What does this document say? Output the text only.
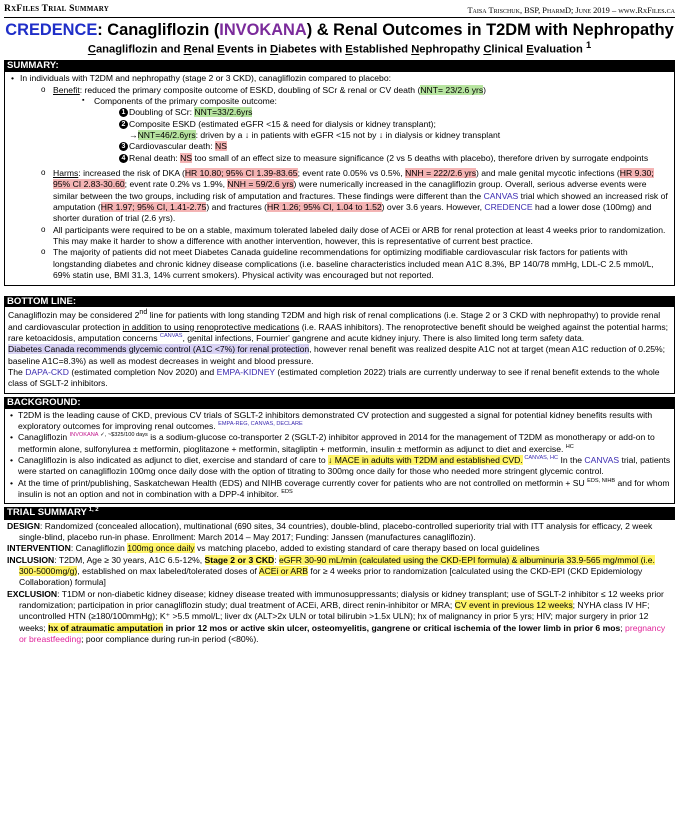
RxFiles Trial Summary	Taisa Trischuk, BSP, PharmD; June 2019 – www.RxFiles.ca
CREDENCE: Canagliflozin (INVOKANA) & Renal Outcomes in T2DM with Nephropathy
Canagliflozin and Renal Events in Diabetes with Established Nephropathy Clinical Evaluation $^1$
SUMMARY:
• In individuals with T2DM and nephropathy (stage 2 or 3 CKD), canagliflozin compared to placebo:
o Benefit: reduced the primary composite outcome of ESKD, doubling of SCr & renal or CV death (NNT= 23/2.6 yrs)
▪ Components of the primary composite outcome:
1 Doubling of SCr: NNT=33/2.6yrs
2 Composite ESKD (estimated eGFR <15 & need for dialysis or kidney transplant);
→NNT=46/2.6yrs: driven by a ↓ in patients with eGFR <15 not by ↓ in dialysis or kidney transplant
3 Cardiovascular death: NS
4 Renal death: NS too small of an effect size to measure significance (2 vs 5 deaths with placebo), therefore driven by surrogate endpoints
o Harms: increased the risk of DKA (HR 10.80; 95% CI 1.39-83.65; event rate 0.05% vs 0.5%, NNH = 222/2.6 yrs) and male genital mycotic infections (HR 9.30; 95% CI 2.83-30.60; event rate 0.2% vs 1.9%, NNH = 59/2.6 yrs) were numerically increased in the canagliflozin group. Overall, serious adverse events were similar between the two groups, including risk of amputation and fractures. These findings were different than the CANVAS trial which showed an increased risk of amputation (HR 1.97; 95% CI, 1.41-2.75) and fractures (HR 1.26; 95% CI, 1.04 to 1.52) over 3.6 years. However, CREDENCE had a lower dose (100mg) and shorter duration of trial (2.6 yrs).
o All participants were required to be on a stable, maximum tolerated labeled daily dose of ACEi or ARB for renal protection at least 4 weeks prior to randomization. This may make it harder to show a difference with another intervention, however, this is representative of current best practice.
o The majority of patients did not meet Diabetes Canada guideline recommendations for optimizing modifiable cardiovascular risk factors for patients with longstanding diabetes and chronic kidney disease complications (i.e. baseline characteristics included mean A1C 8.3%, BP 140/78 mmHg, LDL-C 2.5 mmol/L, 69% statin use, BMI 31.3, 14% current smokers). Physical activity was encouraged but not reported.
BOTTOM LINE:
Canagliflozin may be considered 2nd line for patients with long standing T2DM and high risk of renal complications (i.e. Stage 2 or 3 CKD with nephropathy) to provide renal and cardiovascular protection in addition to using renoprotective medications (i.e. RAAS inhibitors). The renoprotective benefit should be weighed against the potential harms; rare ketoacidosis, amputation concerns $^{CANVAS}$, genital infections, Fournier' gangrene and acute kidney injury. There is also limited long term safety data.
Diabetes Canada recommends glycemic control (A1C <7%) for renal protection, however renal benefit was realized despite A1C not at target (mean A1C reduction of 0.25%; baseline A1C=8.3%) as well as modest decreases in weight and blood pressure.
The DAPA-CKD (estimated completion Nov 2020) and EMPA-KIDNEY (estimated completion 2022) trials are currently underway to see if renal benefit extends to the whole class of SGLT-2 inhibitors.
BACKGROUND:
• T2DM is the leading cause of CKD, previous CV trials of SGLT-2 inhibitors demonstrated CV protection and suggested a signal for potential kidney benefits results with exploratory outcomes for improving renal outcomes. $^{EMPA-REG, CANVAS, DECLARE}$
• Canagliflozin $^{INVOKANA}$ $^{✓, \sim\$325/100 days}$ is a sodium-glucose co-transporter 2 (SGLT-2) inhibitor approved in 2014 for the management of T2DM as monotherapy or add-on to metformin alone, sulfonylurea ± metformin, pioglitazone + metformin, sitagliptin + metformin, insulin ± metformin as adjunct to diet and exercise. $^{HC}$
• Canagliflozin is also indicated as adjunct to diet, exercise and standard of care to ↓ MACE in adults with T2DM and established CVD. $^{CANVAS, HC}$ In the CANVAS trial, patients were started on canagliflozin 100mg once daily dose with the option of titrating to 300mg once daily for those who needed more stringent glycemic control.
• At the time of print/publishing, Saskatchewan Health (EDS) and NIHB coverage currently cover for patients who are not controlled on metformin + SU $^{EDS, NIHB}$ and for whom insulin is not an option and not in combination with a DPP-4 inhibitor. $^{EDS}$
TRIAL SUMMARY $^{1, 2}$

DESIGN: Randomized (concealed allocation), multinational (690 sites, 34 countries), double-blind, placebo-controlled superiority trial with ITT analysis for efficacy, 2 week single-blind, placebo run-in phase. Enrollment: March 2014 – May 2017; Funding: Janssen (manufactures canagliflozin).

INTERVENTION: Canagliflozin 100mg once daily vs matching placebo, added to existing standard of care therapy based on local guidelines

INCLUSION: T2DM, Age ≥ 30 years, A1C 6.5-12%, Stage 2 or 3 CKD: eGFR 30-90 mL/min (calculated using the CKD-EPI formula) & albuminuria 33.9-565 mg/mmol (i.e. 300-5000mg/g), established on max labeled/tolerated doses of ACEi or ARB for ≥ 4 weeks prior to randomization [calculated using the CKD-EPI (CKD Epidemiology Collaboration) formula]

EXCLUSION: T1DM or non-diabetic kidney disease; kidney disease treated with immunosuppressants; dialysis or kidney transplant; use of SGLT-2 inhibitor ≤ 12 weeks prior randomization; participation in prior canagliflozin study; dual treatment of ACEi, ARB, direct renin-inhibitor or MRA; CV event in previous 12 weeks; NYHA class IV HF; uncontrolled HTN (≥180/100mmHg); K⁺ >5.5 mmol/L; liver dx (ALT>2x ULN or total bilirubin >1.5x ULN); hx of malignancy in prior 5 yrs; HIV; major surgery in prior 12 weeks; hx of atraumatic amputation in prior 12 mos or active skin ulcer, osteomyelitis, gangrene or critical ischemia of the lower limb in prior 6 mos; pregnancy or breastfeeding; poor compliance during run-in period (<80%).
